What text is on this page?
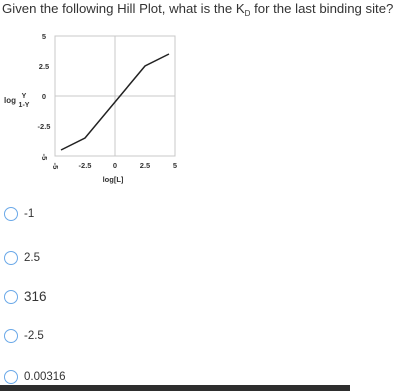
Given the following Hill Plot, what is the $K_D$ for the last binding site?
5
2.5
0
-2.5
-5
-5 -2.5	0	2.5	5
log Y
1-Y
log[L]
-1
2.5
316
-2.5
0.00316
